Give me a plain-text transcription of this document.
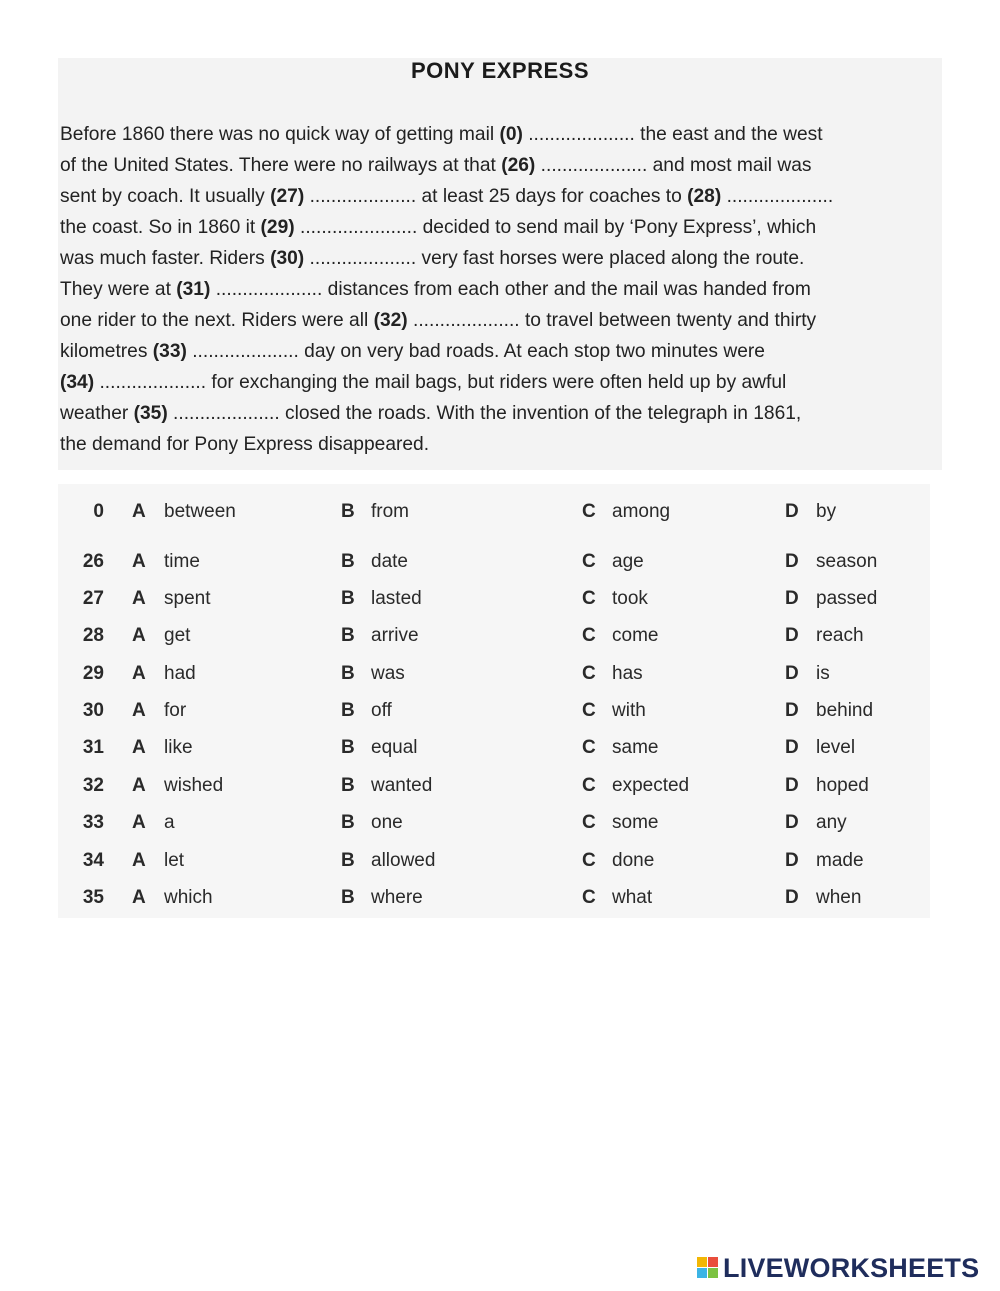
PONY EXPRESS
Before 1860 there was no quick way of getting mail (0) .................... the east and the west
of the United States. There were no railways at that (26) .................... and most mail was
sent by coach. It usually (27) .................... at least 25 days for coaches to (28) ....................
the coast. So in 1860 it (29) ...................... decided to send mail by ‘Pony Express’, which
was much faster. Riders (30) .................... very fast horses were placed along the route.
They were at (31) .................... distances from each other and the mail was handed from
one rider to the next. Riders were all (32) .................... to travel between twenty and thirty
kilometres (33) .................... day on very bad roads. At each stop two minutes were
(34) .................... for exchanging the mail bags, but riders were often held up by awful
weather (35) .................... closed the roads. With the invention of the telegraph in 1861,
the demand for Pony Express disappeared.
0 A between	B from	C among	D by
26 A time	B date	C age	D season
27 A spent	B lasted	C took	D passed
28 A get	B arrive	C come	D reach
29 A had	B was	C has	D is
30 A for	B off	C with	D behind
31 A like	B equal	C same	D level
32 A wished	B wanted	C expected	D hoped
33 A a	B one	C some	D any
34 A let	B allowed	C done	D made
35 A which	B where	C what	D when
LIVEWORKSHEETS
